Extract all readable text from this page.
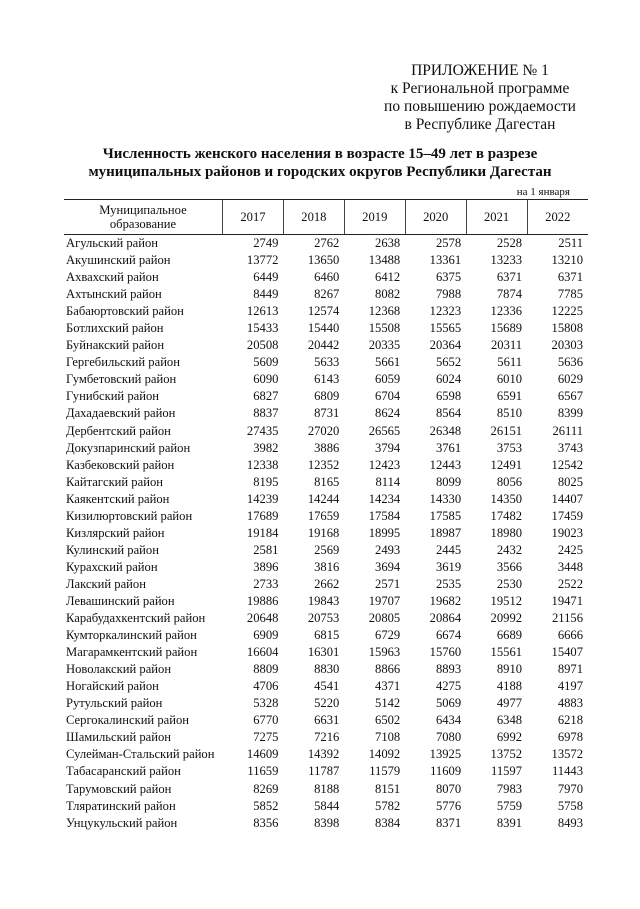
ПРИЛОЖЕНИЕ № 1
к Региональной программе
по повышению рождаемости
в Республике Дагестан
Численность женского населения в возрасте 15–49 лет в разрезе
муниципальных районов и городских округов Республики Дагестан
на 1 января
Муниципальное образование	2017	2018	2019	2020	2021	2022
Агульский район	2749	2762	2638	2578	2528	2511
Акушинский район	13772	13650	13488	13361	13233	13210
Ахвахский район	6449	6460	6412	6375	6371	6371
Ахтынский район	8449	8267	8082	7988	7874	7785
Бабаюртовский район	12613	12574	12368	12323	12336	12225
Ботлихский район	15433	15440	15508	15565	15689	15808
Буйнакский район	20508	20442	20335	20364	20311	20303
Гергебильский район	5609	5633	5661	5652	5611	5636
Гумбетовский район	6090	6143	6059	6024	6010	6029
Гунибский район	6827	6809	6704	6598	6591	6567
Дахадаевский район	8837	8731	8624	8564	8510	8399
Дербентский район	27435	27020	26565	26348	26151	26111
Докузпаринский район	3982	3886	3794	3761	3753	3743
Казбековский район	12338	12352	12423	12443	12491	12542
Кайтагский район	8195	8165	8114	8099	8056	8025
Каякентский район	14239	14244	14234	14330	14350	14407
Кизилюртовский район	17689	17659	17584	17585	17482	17459
Кизлярский район	19184	19168	18995	18987	18980	19023
Кулинский район	2581	2569	2493	2445	2432	2425
Курахский район	3896	3816	3694	3619	3566	3448
Лакский район	2733	2662	2571	2535	2530	2522
Левашинский район	19886	19843	19707	19682	19512	19471
Карабудахкентский район	20648	20753	20805	20864	20992	21156
Кумторкалинский район	6909	6815	6729	6674	6689	6666
Магарамкентский район	16604	16301	15963	15760	15561	15407
Новолакский район	8809	8830	8866	8893	8910	8971
Ногайский район	4706	4541	4371	4275	4188	4197
Рутульский район	5328	5220	5142	5069	4977	4883
Сергокалинский район	6770	6631	6502	6434	6348	6218
Шамильский район	7275	7216	7108	7080	6992	6978
Сулейман-Стальский район	14609	14392	14092	13925	13752	13572
Табасаранский район	11659	11787	11579	11609	11597	11443
Тарумовский район	8269	8188	8151	8070	7983	7970
Тляратинский район	5852	5844	5782	5776	5759	5758
Унцукульский район	8356	8398	8384	8371	8391	8493
